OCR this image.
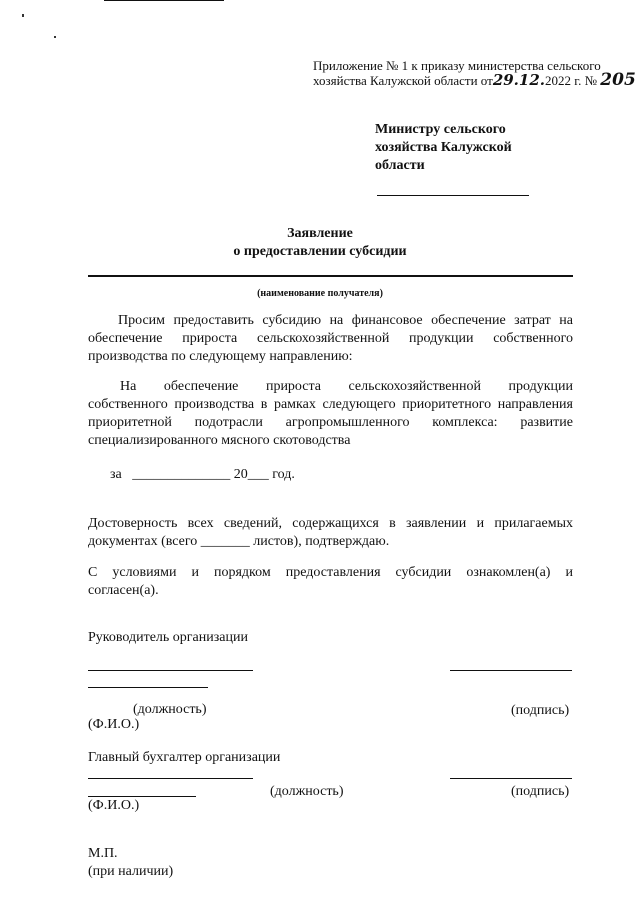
Приложение № 1 к приказу министерства сельского
хозяйства Калужской области от29.12.2022 г. № 205
Министру сельского
хозяйства Калужской
области
Заявление
о предоставлении субсидии
(наименование получателя)
Просим предоставить субсидию на финансовое обеспечение затрат на
обеспечение прироста сельскохозяйственной продукции собственного
производства по следующему направлению:
На обеспечение прироста сельскохозяйственной продукции
собственного производства в рамках следующего приоритетного направления
приоритетной подотрасли агропромышленного комплекса: развитие
специализированного мясного скотоводства
за ______________ 20___ год.
Достоверность всех сведений, содержащихся в заявлении и прилагаемых
документах (всего _______ листов), подтверждаю.
С условиями и порядком предоставления субсидии ознакомлен(а) и
согласен(а).
Руководитель организации
(должность)	(подпись)
(Ф.И.О.)
Главный бухгалтер организации
(должность)	(подпись)
(Ф.И.О.)
М.П.
(при наличии)
